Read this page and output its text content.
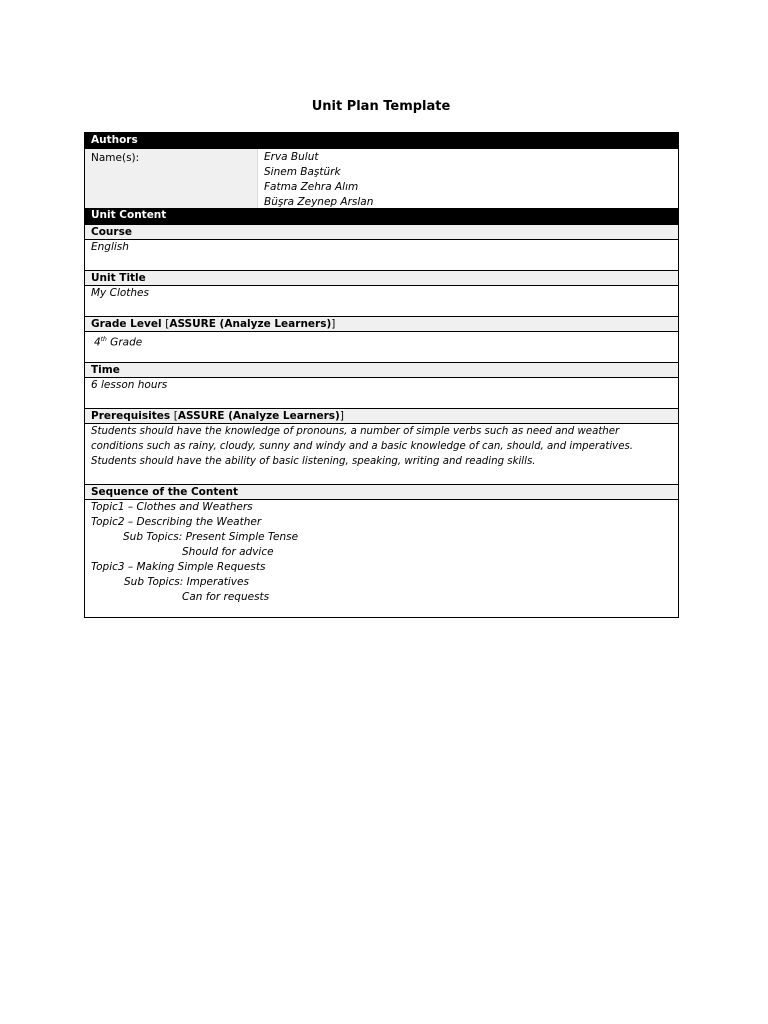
Unit Plan Template
Authors
Name(s):	Erva Bulut
Sinem Baştürk
Fatma Zehra Alım
Büşra Zeynep Arslan
Unit Content
Course
English
Unit Title
My Clothes
Grade Level [ASSURE (Analyze Learners)]
4th Grade
Time
6 lesson hours
Prerequisites [ASSURE (Analyze Learners)]
Students should have the knowledge of pronouns, a number of simple verbs such as need and weather
conditions such as rainy, cloudy, sunny and windy and a basic knowledge of can, should, and imperatives.
Students should have the ability of basic listening, speaking, writing and reading skills.
Sequence of the Content
Topic1 – Clothes and Weathers
Topic2 – Describing the Weather
Sub Topics: Present Simple Tense
Should for advice
Topic3 – Making Simple Requests
Sub Topics: Imperatives
Can for requests
